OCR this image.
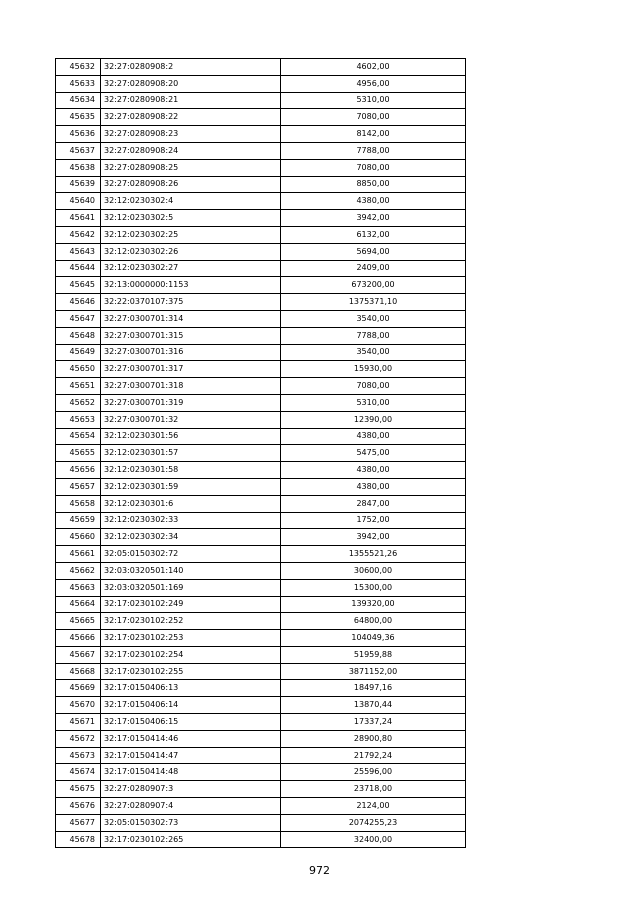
45632	32:27:0280908:2	4602,00
45633	32:27:0280908:20	4956,00
45634	32:27:0280908:21	5310,00
45635	32:27:0280908:22	7080,00
45636	32:27:0280908:23	8142,00
45637	32:27:0280908:24	7788,00
45638	32:27:0280908:25	7080,00
45639	32:27:0280908:26	8850,00
45640	32:12:0230302:4	4380,00
45641	32:12:0230302:5	3942,00
45642	32:12:0230302:25	6132,00
45643	32:12:0230302:26	5694,00
45644	32:12:0230302:27	2409,00
45645	32:13:0000000:1153	673200,00
45646	32:22:0370107:375	1375371,10
45647	32:27:0300701:314	3540,00
45648	32:27:0300701:315	7788,00
45649	32:27:0300701:316	3540,00
45650	32:27:0300701:317	15930,00
45651	32:27:0300701:318	7080,00
45652	32:27:0300701:319	5310,00
45653	32:27:0300701:32	12390,00
45654	32:12:0230301:56	4380,00
45655	32:12:0230301:57	5475,00
45656	32:12:0230301:58	4380,00
45657	32:12:0230301:59	4380,00
45658	32:12:0230301:6	2847,00
45659	32:12:0230302:33	1752,00
45660	32:12:0230302:34	3942,00
45661	32:05:0150302:72	1355521,26
45662	32:03:0320501:140	30600,00
45663	32:03:0320501:169	15300,00
45664	32:17:0230102:249	139320,00
45665	32:17:0230102:252	64800,00
45666	32:17:0230102:253	104049,36
45667	32:17:0230102:254	51959,88
45668	32:17:0230102:255	3871152,00
45669	32:17:0150406:13	18497,16
45670	32:17:0150406:14	13870,44
45671	32:17:0150406:15	17337,24
45672	32:17:0150414:46	28900,80
45673	32:17:0150414:47	21792,24
45674	32:17:0150414:48	25596,00
45675	32:27:0280907:3	23718,00
45676	32:27:0280907:4	2124,00
45677	32:05:0150302:73	2074255,23
45678	32:17:0230102:265	32400,00
972
